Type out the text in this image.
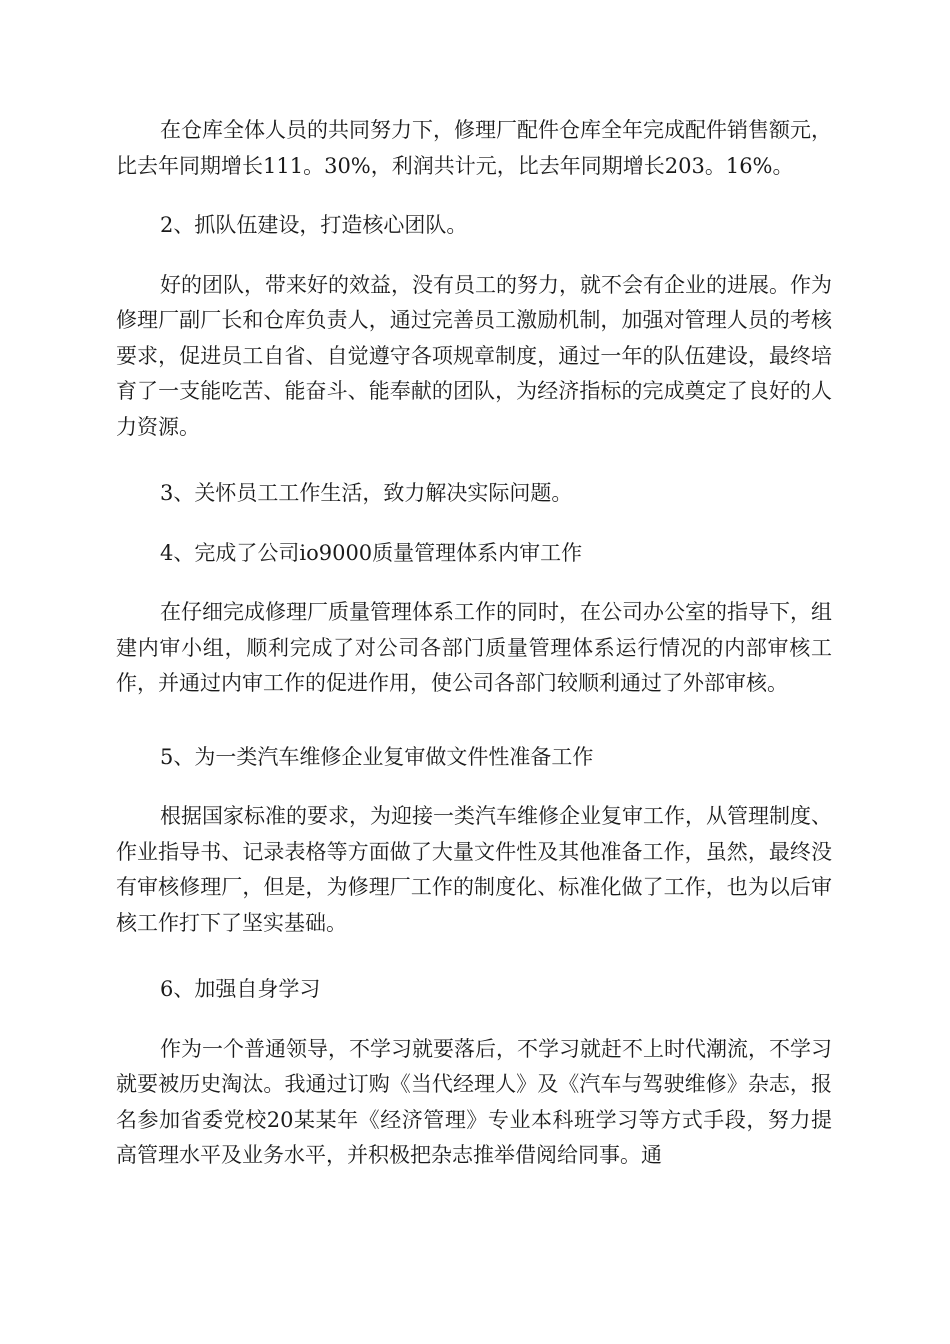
在仓库全体人员的共同努力下，修理厂配件仓库全年完成配件销售额元，比去年同期增长111。30%，利润共计元，比去年同期增长203。16%。

2、抓队伍建设，打造核心团队。

好的团队，带来好的效益，没有员工的努力，就不会有企业的进展。作为修理厂副厂长和仓库负责人，通过完善员工激励机制，加强对管理人员的考核要求，促进员工自省、自觉遵守各项规章制度，通过一年的队伍建设，最终培育了一支能吃苦、能奋斗、能奉献的团队，为经济指标的完成奠定了良好的人力资源。

3、关怀员工工作生活，致力解决实际问题。

4、完成了公司io9000质量管理体系内审工作

在仔细完成修理厂质量管理体系工作的同时，在公司办公室的指导下，组建内审小组，顺利完成了对公司各部门质量管理体系运行情况的内部审核工作，并通过内审工作的促进作用，使公司各部门较顺利通过了外部审核。

5、为一类汽车维修企业复审做文件性准备工作

根据国家标准的要求，为迎接一类汽车维修企业复审工作，从管理制度、作业指导书、记录表格等方面做了大量文件性及其他准备工作，虽然，最终没有审核修理厂，但是，为修理厂工作的制度化、标准化做了工作，也为以后审核工作打下了坚实基础。

6、加强自身学习

作为一个普通领导，不学习就要落后，不学习就赶不上时代潮流，不学习就要被历史淘汰。我通过订购《当代经理人》及《汽车与驾驶维修》杂志，报名参加省委党校20某某年《经济管理》专业本科班学习等方式手段，努力提高管理水平及业务水平，并积极把杂志推举借阅给同事。通
